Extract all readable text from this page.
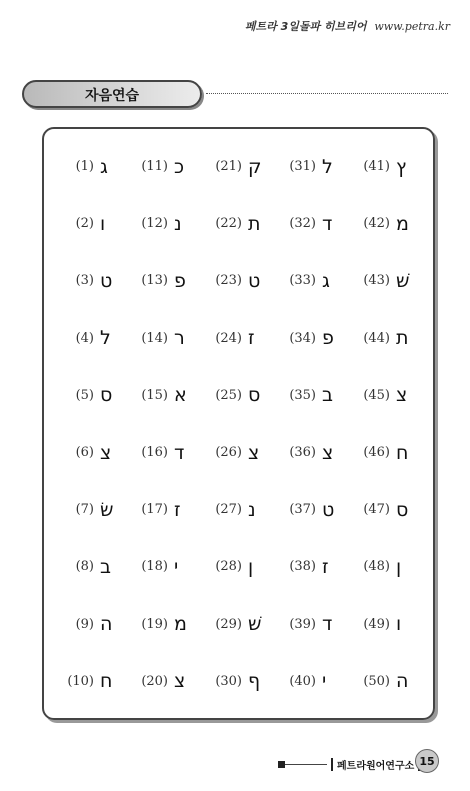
페트라 3일돌파 히브리어 www.petra.kr
자음연습
(1) ג	(11) כ	(21) ק	(31) ל	(41) ץ
(2) ו	(12) נ	(22) ת	(32) ד	(42) מ
(3) ט	(13) פ	(23) ט	(33) ג	(43) שׁ
(4) ל	(14) ר	(24) ז	(34) פ	(44) ת
(5) ס	(15) א	(25) ס	(35) ב	(45) צ
(6) צ	(16) ד	(26) צ	(36) צ	(46) ח
(7) שׂ	(17) ז	(27) נ	(37) ט	(47) ס
(8) ב	(18) י	(28) ן	(38) ז	(48) ן
(9) ה	(19) מ	(29) שׁ	(39) ד	(49) ו
(10) ח	(20) צ	(30) ף	(40) י	(50) ה
페트라원어연구소 15
